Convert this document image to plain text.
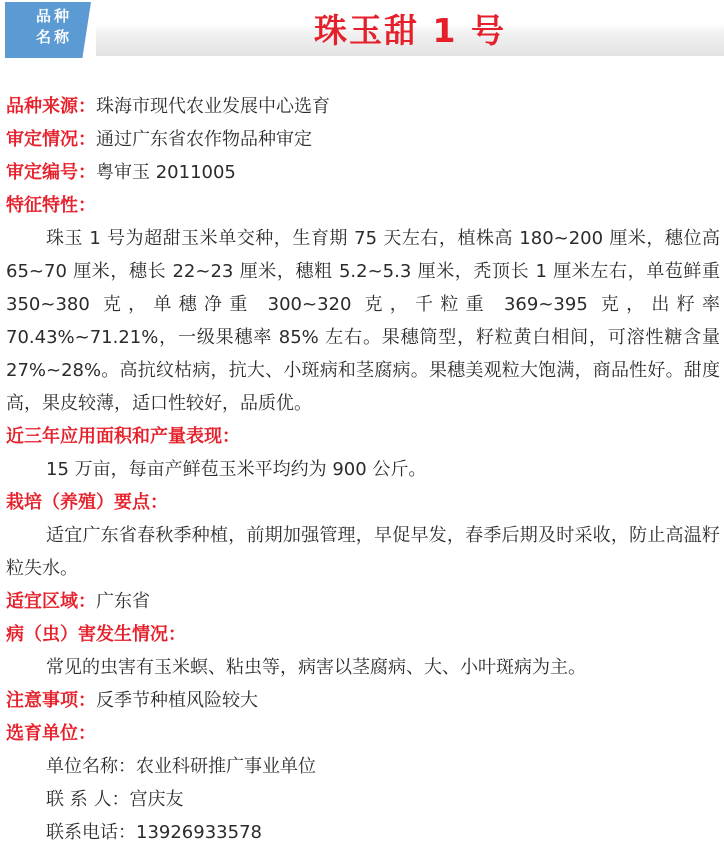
品种
名称	珠玉甜 1 号
品种来源：珠海市现代农业发展中心选育
审定情况：通过广东省农作物品种审定
审定编号：粤审玉 2011005
特征特性：
珠玉 1 号为超甜玉米单交种，生育期 75 天左右，植株高 180~200 厘米，穗位高 65~70 厘米，穗长 22~23 厘米，穗粗 5.2~5.3 厘米，秃顶长 1 厘米左右，单苞鲜重 350~380 克，单穗净重 300~320 克，千粒重 369~395 克，出籽率 70.43%~71.21%，一级果穗率 85% 左右。果穗筒型，籽粒黄白相间，可溶性糖含量 27%~28%。高抗纹枯病，抗大、小斑病和茎腐病。果穗美观粒大饱满，商品性好。甜度高，果皮较薄，适口性较好，品质优。
近三年应用面积和产量表现：
15 万亩，每亩产鲜苞玉米平均约为 900 公斤。
栽培（养殖）要点：
适宜广东省春秋季种植，前期加强管理，早促早发，春季后期及时采收，防止高温籽粒失水。
适宜区域：广东省
病（虫）害发生情况：
常见的虫害有玉米螟、粘虫等，病害以茎腐病、大、小叶斑病为主。
注意事项：反季节种植风险较大
选育单位：
单位名称：农业科研推广事业单位
联 系 人：宫庆友
联系电话：13926933578
